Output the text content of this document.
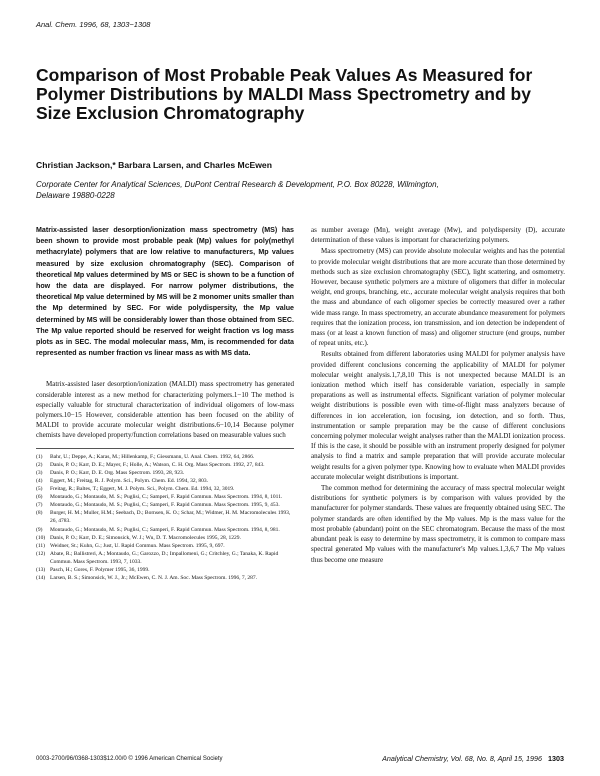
Anal. Chem. 1996, 68, 1303−1308
Comparison of Most Probable Peak Values As Measured for Polymer Distributions by MALDI Mass Spectrometry and by Size Exclusion Chromatography
Christian Jackson,* Barbara Larsen, and Charles McEwen
Corporate Center for Analytical Sciences, DuPont Central Research & Development, P.O. Box 80228, Wilmington, Delaware 19880-0228

Matrix-assisted laser desorption/ionization mass spectrometry (MS) has been shown to provide most probable peak (Mp) values for poly(methyl methacrylate) polymers that are low relative to manufacturers, Mp values measured by size exclusion chromatography (SEC). Comparison of theoretical Mp values determined by MS or SEC is shown to be a function of how the data are displayed. For narrow polymer distributions, the theoretical Mp value determined by MS will be 2 monomer units smaller than the Mp determined by SEC. For wide polydispersity, the Mp value determined by MS will be considerably lower than those obtained from SEC. The Mp value reported should be reserved for weight fraction vs log mass plots as in SEC. The modal molecular mass, Mm, is recommended for data represented as number fraction vs linear mass as with MS data.

Matrix-assisted laser desorption/ionization (MALDI) mass spectrometry has generated considerable interest as a new method for characterizing polymers.1−10 The method is especially valuable for structural characterization of individual oligomers of low-mass polymers.10−15 However, considerable attention has been focused on the ability of MALDI to provide accurate molecular weight distributions.6−10,14 Because polymer chemists have developed property/function correlations based on measurable values such

(1) Bahr, U.; Deppe, A.; Karas, M.; Hillenkamp, F.; Giessmann, U. Anal. Chem. 1992, 64, 2866.
(2) Danis, P. O.; Karr, D. E.; Mayer, F.; Holle, A.; Watson, C. H. Org. Mass Spectrom. 1992, 27, 843.
(3) Danis, P. O.; Karr, D. E. Org. Mass Spectrom. 1993, 28, 923.
(4) Eggert, M.; Freitag, R. J. Polym. Sci., Polym. Chem. Ed. 1994, 32, 803.
(5) Freitag, R.; Baltes, T.; Eggert, M. J. Polym. Sci., Polym. Chem. Ed. 1994, 32, 3019.
(6) Montaudo, G.; Montaudo, M. S.; Puglisi, C.; Samperi, F. Rapid Commun. Mass Spectrom. 1994, 8, 1011.
(7) Montaudo, G.; Montaudo, M. S.; Puglisi, C.; Samperi, F. Rapid Commun. Mass Spectrom. 1995, 9, 453.
(8) Burger, H. M.; Muller, H.M.; Seebach, D.; Bornsen, K. O.; Schar, M.; Widmer, H. M. Macromolecules 1993, 26, 4783.
(9) Montaudo, G.; Montaudo, M. S.; Puglisi, C.; Samperi, F. Rapid Commun. Mass Spectrom. 1994, 8, 981.
(10) Danis, P. O.; Karr, D. E.; Simonsick, W. J.; Wu, D. T. Macromolecules 1995, 28, 1229.
(11) Weidner, St.; Kuhn, G.; Just, U. Rapid Commun. Mass Spectrom. 1995, 9, 697.
(12) Abate, R.; Ballistreri, A.; Montaudo, G.; Garozzo, D.; Impallomeni, G.; Critchley, G.; Tanaka, K. Rapid Commun. Mass Spectrom. 1993, 7, 1033.
(13) Pasch, H.; Gores, F. Polymer 1995, 36, 1999.
(14) Larsen, B. S.; Simonsick, W. J., Jr.; McEwen, C. N. J. Am. Soc. Mass Spectrom. 1996, 7, 287.

as number average (Mn), weight average (Mw), and polydispersity (D), accurate determination of these values is important for characterizing polymers.

Mass spectrometry (MS) can provide absolute molecular weights and has the potential to provide molecular weight distributions that are more accurate than those determined by methods such as size exclusion chromatography (SEC), light scattering, and osmometry. However, because synthetic polymers are a mixture of oligomers that differ in molecular weight, end groups, branching, etc., accurate molecular weight analysis requires that both the mass and abundance of each oligomer species be correctly measured over a rather wide mass range. In mass spectrometry, an accurate abundance measurement for polymers requires that the ionization process, ion transmission, and ion detection be independent of mass (or at least a known function of mass) and oligomer structure (end groups, number of repeat units, etc.).

Results obtained from different laboratories using MALDI for polymer analysis have provided different conclusions concerning the applicability of MALDI for polymer molecular weight analysis.1,7,8,10 This is not unexpected because MALDI is an ionization method which itself has considerable variation, especially in sample preparations as well as instrumental effects. Significant variation of polymer molecular weight distributions is possible even with time-of-flight mass analyzers because of differences in ion acceleration, ion focusing, ion detection, and so forth. Thus, instrumentation or sample preparation may be the cause of different conclusions concerning polymer molecular weight analyses rather than the MALDI ionization process. If this is the case, it should be possible with an instrument properly designed for polymer analysis to find a matrix and sample preparation that will provide accurate molecular weight results for a given polymer type. Knowing how to evaluate when MALDI provides accurate molecular weight distributions is important.

The common method for determining the accuracy of mass spectral molecular weight distributions for synthetic polymers is by comparison with values provided by the manufacturer for polymer standards. These values are frequently obtained using SEC. The polymer standards are often identified by the Mp values. Mp is the mass value for the most probable (abundant) point on the SEC chromatogram. Because the mass of the most abundant peak is easy to determine by mass spectrometry, it is common to compare mass spectral generated Mp values with the manufacturer's Mp values.1,3,6,7 The Mp values thus become one measure

0003-2700/96/0368-1303$12.00/0 © 1996 American Chemical Society	Analytical Chemistry, Vol. 68, No. 8, April 15, 1996 1303
